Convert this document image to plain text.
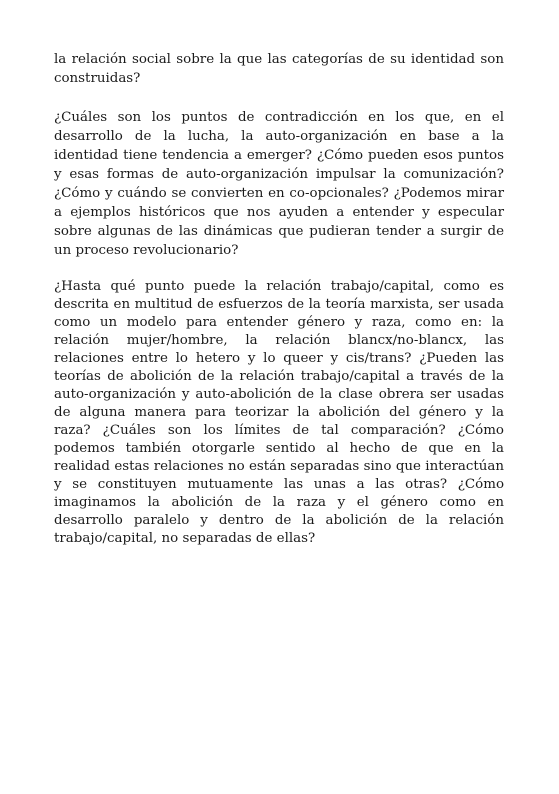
la relación social sobre la que las categorías de su identidad son
construidas?

¿Cuáles son los puntos de contradicción en los que, en el
desarrollo de la lucha, la auto-organización en base a la
identidad tiene tendencia a emerger? ¿Cómo pueden esos puntos
y esas formas de auto-organización impulsar la comunización?
¿Cómo y cuándo se convierten en co-opcionales? ¿Podemos mirar
a ejemplos históricos que nos ayuden a entender y especular
sobre algunas de las dinámicas que pudieran tender a surgir de
un proceso revolucionario?

¿Hasta qué punto puede la relación trabajo/capital, como es
descrita en multitud de esfuerzos de la teoría marxista, ser usada
como un modelo para entender género y raza, como en: la
relación mujer/hombre, la relación blancx/no-blancx, las
relaciones entre lo hetero y lo queer y cis/trans? ¿Pueden las
teorías de abolición de la relación trabajo/capital a través de la
auto-organización y auto-abolición de la clase obrera ser usadas
de alguna manera para teorizar la abolición del género y la
raza? ¿Cuáles son los límites de tal comparación? ¿Cómo
podemos también otorgarle sentido al hecho de que en la
realidad estas relaciones no están separadas sino que interactúan
y se constituyen mutuamente las unas a las otras? ¿Cómo
imaginamos la abolición de la raza y el género como en
desarrollo paralelo y dentro de la abolición de la relación
trabajo/capital, no separadas de ellas?
